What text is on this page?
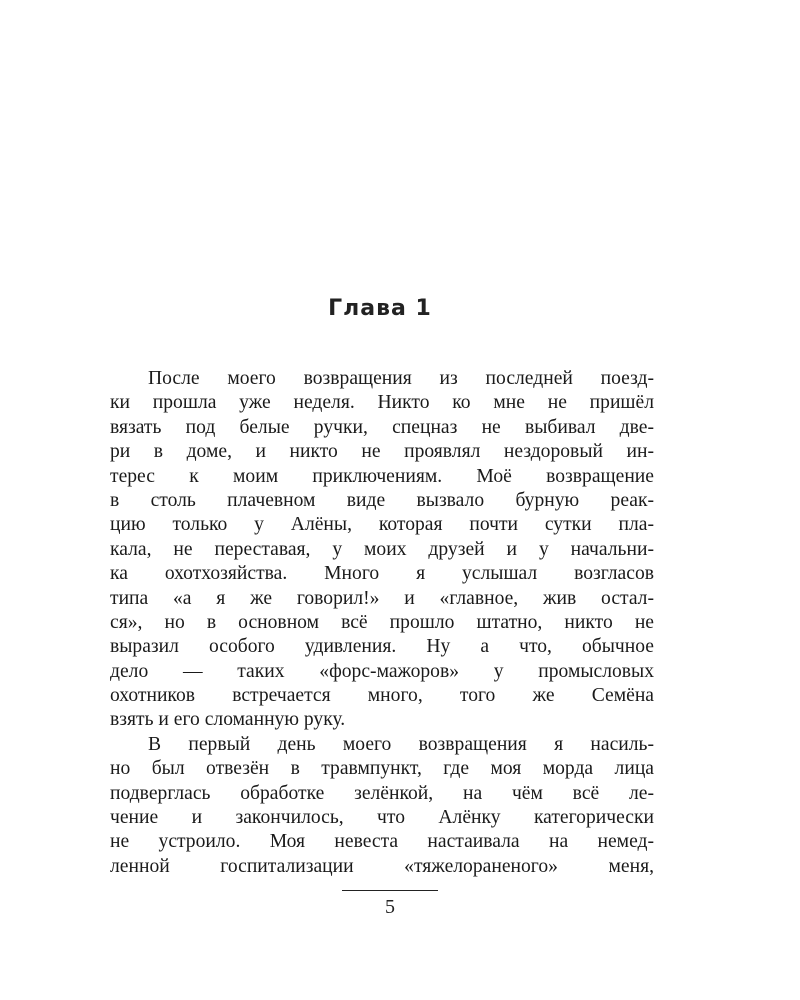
Глава 1
После моего возвращения из последней поезд-
ки прошла уже неделя. Никто ко мне не пришёл
вязать под белые ручки, спецназ не выбивал две-
ри в доме, и никто не проявлял нездоровый ин-
терес к моим приключениям. Моё возвращение
в столь плачевном виде вызвало бурную реак-
цию только у Алёны, которая почти сутки пла-
кала, не переставая, у моих друзей и у начальни-
ка охотхозяйства. Много я услышал возгласов
типа «а я же говорил!» и «главное, жив остал-
ся», но в основном всё прошло штатно, никто не
выразил особого удивления. Ну а что, обычное
дело — таких «форс-мажоров» у промысловых
охотников встречается много, того же Семёна
взять и его сломанную руку.
В первый день моего возвращения я насиль-
но был отвезён в травмпункт, где моя морда лица
подверглась обработке зелёнкой, на чём всё ле-
чение и закончилось, что Алёнку категорически
не устроило. Моя невеста настаивала на немед-
ленной госпитализации «тяжелораненого» меня,
5
